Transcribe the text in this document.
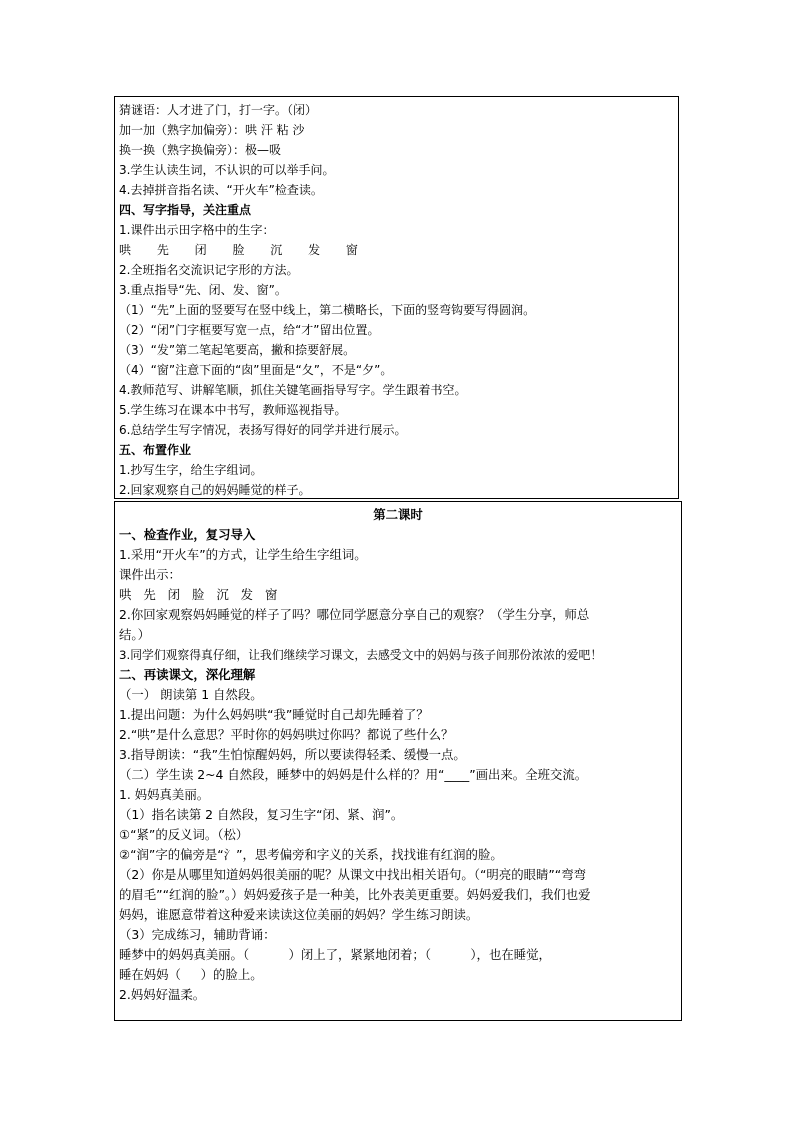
猜谜语：人才进了门，打一字。（闭）
加一加（熟字加偏旁）：哄 汗 粘 沙
换一换（熟字换偏旁）：极—吸
3.学生认读生词，不认识的可以举手问。
4.去掉拼音指名读、“开火车”检查读。
四、写字指导，关注重点
1.课件出示田字格中的生字：
哄 先 闭 脸 沉 发 窗
2.全班指名交流识记字形的方法。
3.重点指导“先、闭、发、窗”。
（1）“先”上面的竖要写在竖中线上，第二横略长，下面的竖弯钩要写得圆润。
（2）“闭”门字框要写宽一点，给“才”留出位置。
（3）“发”第二笔起笔要高，撇和捺要舒展。
（4）“窗”注意下面的“囱”里面是“夂”，不是“夕”。
4.教师范写、讲解笔顺，抓住关键笔画指导写字。学生跟着书空。
5.学生练习在课本中书写，教师巡视指导。
6.总结学生写字情况，表扬写得好的同学并进行展示。
五、布置作业
1.抄写生字，给生字组词。
2.回家观察自己的妈妈睡觉的样子。
第二课时
一、检查作业，复习导入
1.采用“开火车”的方式，让学生给生字组词。
课件出示：
哄 先 闭 脸 沉 发 窗
2.你回家观察妈妈睡觉的样子了吗？哪位同学愿意分享自己的观察？（学生分享，师总
结。）
3.同学们观察得真仔细，让我们继续学习课文，去感受文中的妈妈与孩子间那份浓浓的爱吧！
二、再读课文，深化理解
（一） 朗读第 1 自然段。
1.提出问题：为什么妈妈哄“我”睡觉时自己却先睡着了？
2.“哄”是什么意思？平时你的妈妈哄过你吗？都说了些什么？
3.指导朗读：“我”生怕惊醒妈妈，所以要读得轻柔、缓慢一点。
（二）学生读 2~4 自然段，睡梦中的妈妈是什么样的？用“____”画出来。全班交流。
1. 妈妈真美丽。
（1）指名读第 2 自然段，复习生字“闭、紧、润”。
①“紧”的反义词。（松）
②“润”字的偏旁是“氵”，思考偏旁和字义的关系，找找谁有红润的脸。
（2）你是从哪里知道妈妈很美丽的呢？从课文中找出相关语句。（“明亮的眼睛”“弯弯
的眉毛”“红润的脸”。）妈妈爱孩子是一种美，比外表美更重要。妈妈爱我们，我们也爱
妈妈，谁愿意带着这种爱来读读这位美丽的妈妈？学生练习朗读。
（3）完成练习，辅助背诵：
睡梦中的妈妈真美丽。（          ）闭上了，紧紧地闭着；（          ），也在睡觉，
睡在妈妈（     ）的脸上。
2.妈妈好温柔。
